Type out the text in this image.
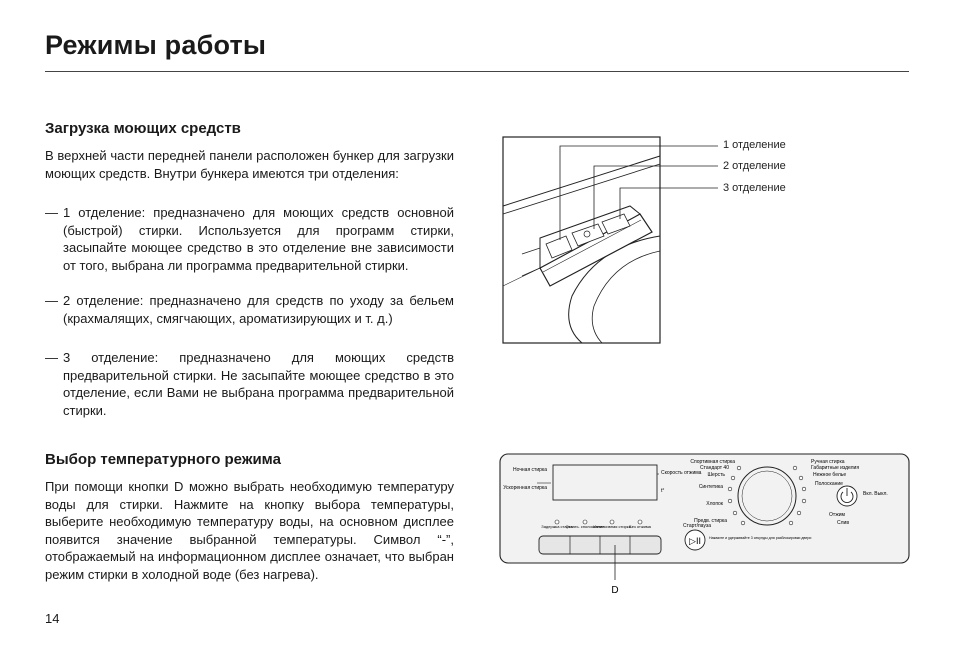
Режимы работы
Загрузка моющих средств

В верхней части передней панели расположен бункер для загрузки моющих средств. Внутри бункера имеются три отделения:

— 1 отделение: предназначено для моющих средств основной (быстрой) стирки. Используется для программ стирки, засыпайте моющее средство в это отделение вне зависимости от того, выбрана ли программа предварительной стирки.
— 2 отделение: предназначено для средств по уходу за бельем (крахмалящих, смягчающих, ароматизирующих и т. д.)
— 3 отделение: предназначено для моющих средств предварительной стирки. Не засыпайте моющее средство в это отделение, если Вами не выбрана программа предварительной стирки.
Выбор температурного режима

При помощи кнопки D можно выбрать необходимую температуру воды для стирки. Нажмите на кнопку выбора температуры, выберите необходимую температуру воды, на основном дисплее появится значение выбранной температуры. Символ “-”, отображаемый на информационном дисплее означает, что выбран режим стирки в холодной воде (без нагрева).

14
1 отделение
2 отделение
3 отделение
Ночная стирка
Ускоренная стирка
Скорость отжима
t°
Задержка старта
Остать. сполоскание
Интенсивная стирка
Без отжима
D
▷II
Старт/пауза
Нажмите и удерживайте 3 секунды для разблокировки двери
Спортивная стирка
Стандарт 40
Шерсть
Синтетика
Хлопок
Предв. стирка
Ручная стирка
Габаритные изделия
Нежное белье
Полоскание
Отжим
Слив
Вкл. Выкл.
